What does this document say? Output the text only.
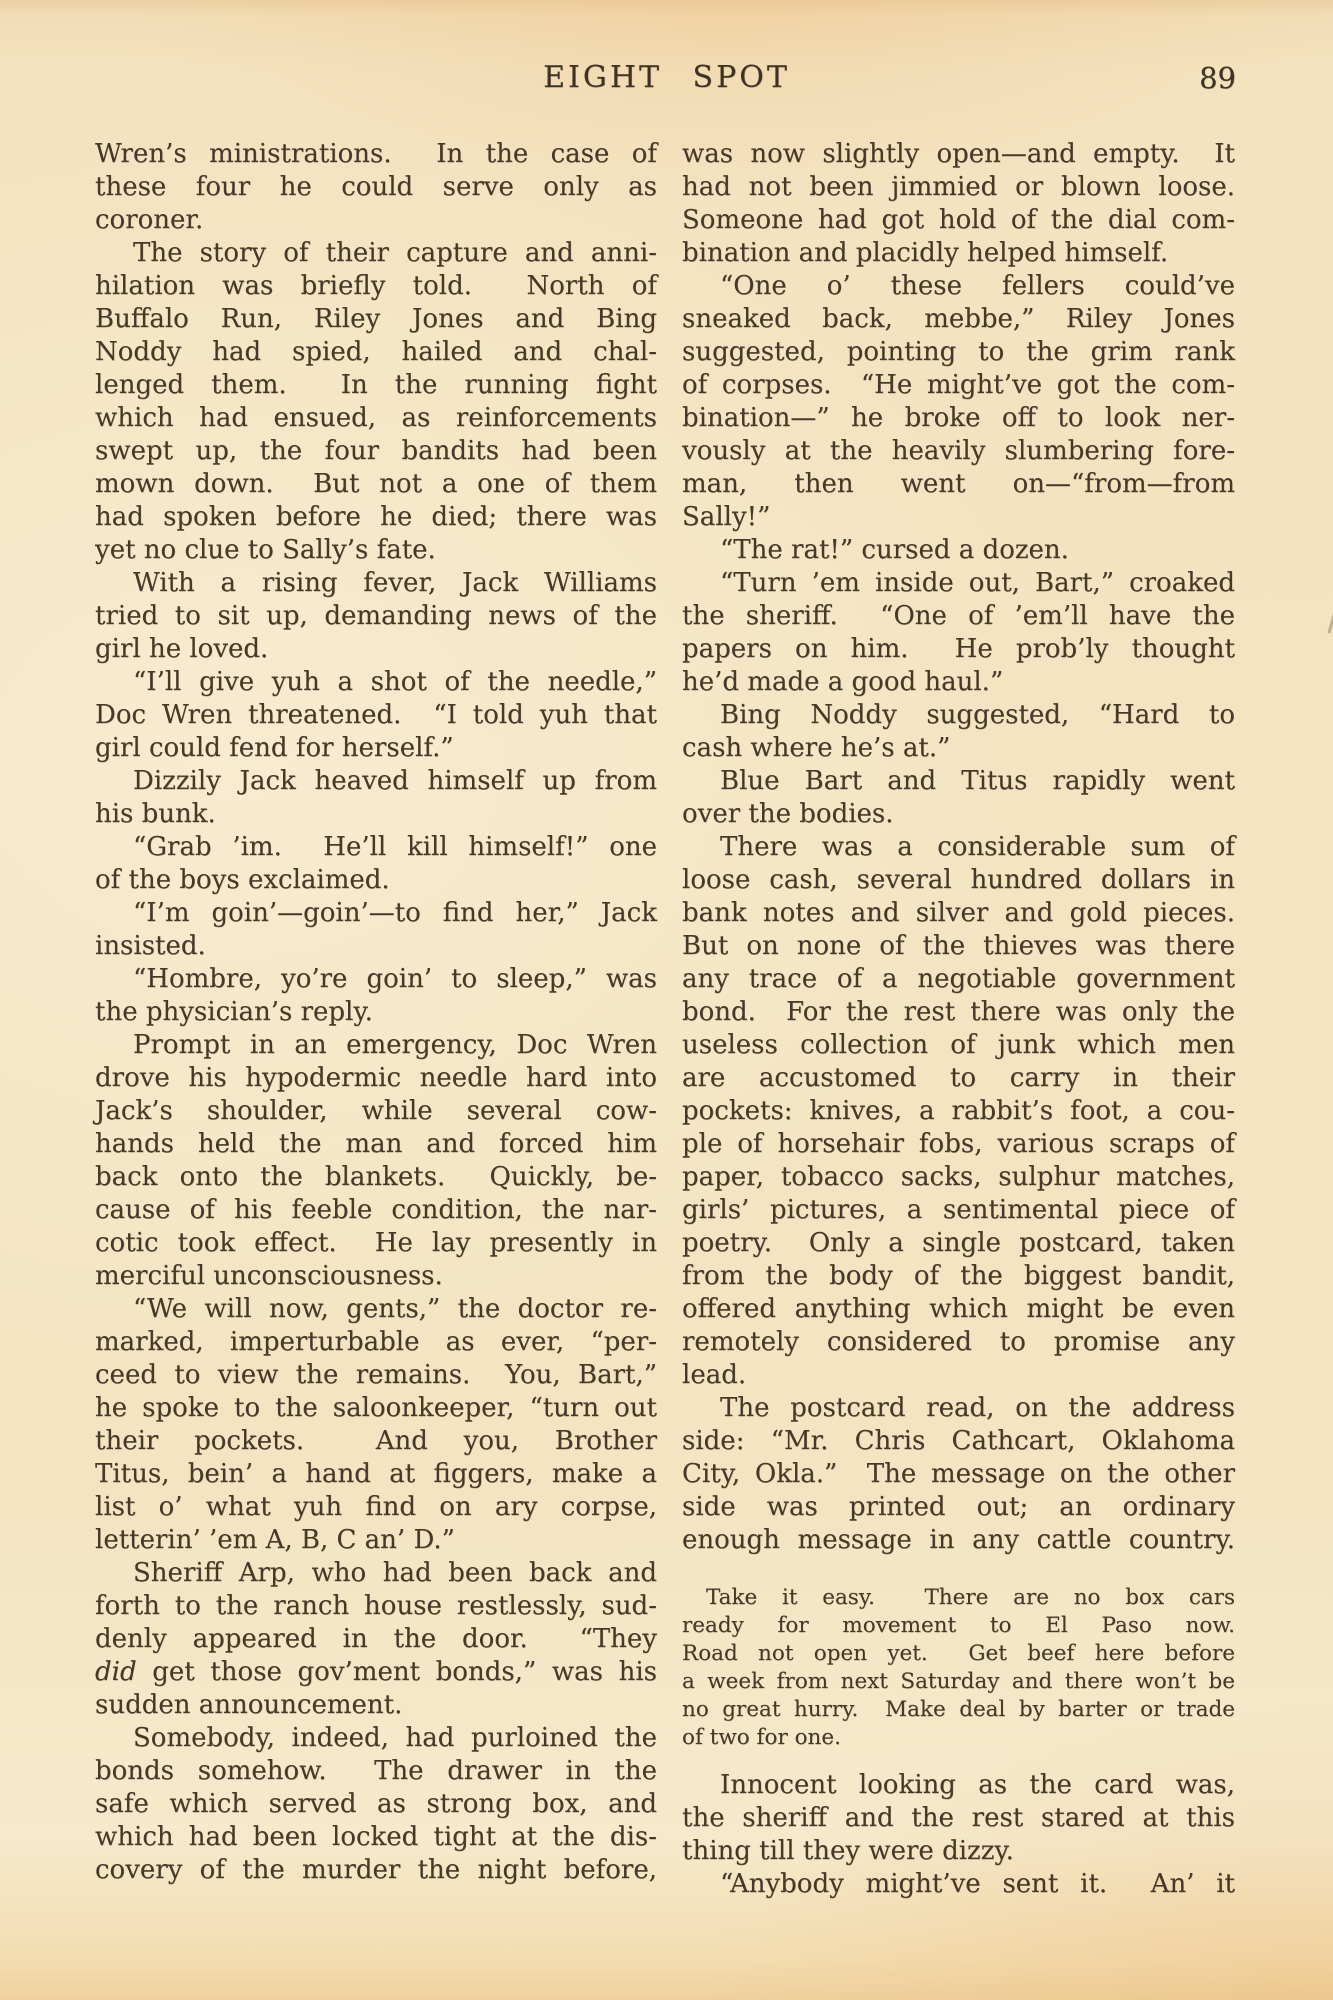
EIGHT SPOT	89
Wren’s ministrations.  In the case of
these four he could serve only as
coroner.
The story of their capture and anni-
hilation was briefly told.  North of
Buffalo Run, Riley Jones and Bing
Noddy had spied, hailed and chal-
lenged them.  In the running fight
which had ensued, as reinforcements
swept up, the four bandits had been
mown down.  But not a one of them
had spoken before he died; there was
yet no clue to Sally’s fate.
With a rising fever, Jack Williams
tried to sit up, demanding news of the
girl he loved.
“I’ll give yuh a shot of the needle,”
Doc Wren threatened.  “I told yuh that
girl could fend for herself.”
Dizzily Jack heaved himself up from
his bunk.
“Grab ’im.  He’ll kill himself!” one
of the boys exclaimed.
“I’m goin’—goin’—to find her,” Jack
insisted.
“Hombre, yo’re goin’ to sleep,” was
the physician’s reply.
Prompt in an emergency, Doc Wren
drove his hypodermic needle hard into
Jack’s shoulder, while several cow-
hands held the man and forced him
back onto the blankets.  Quickly, be-
cause of his feeble condition, the nar-
cotic took effect.  He lay presently in
merciful unconsciousness.
“We will now, gents,” the doctor re-
marked, imperturbable as ever, “per-
ceed to view the remains.  You, Bart,”
he spoke to the saloonkeeper, “turn out
their pockets.  And you, Brother
Titus, bein’ a hand at figgers, make a
list o’ what yuh find on ary corpse,
letterin’ ’em A, B, C an’ D.”
Sheriff Arp, who had been back and
forth to the ranch house restlessly, sud-
denly appeared in the door.  “They
did get those gov’ment bonds,” was his
sudden announcement.
Somebody, indeed, had purloined the
bonds somehow.  The drawer in the
safe which served as strong box, and
which had been locked tight at the dis-
covery of the murder the night before,
was now slightly open—and empty.  It
had not been jimmied or blown loose.
Someone had got hold of the dial com-
bination and placidly helped himself.
“One o’ these fellers could’ve
sneaked back, mebbe,” Riley Jones
suggested, pointing to the grim rank
of corpses.  “He might’ve got the com-
bination—” he broke off to look ner-
vously at the heavily slumbering fore-
man, then went on—“from—from
Sally!”
“The rat!” cursed a dozen.
“Turn ’em inside out, Bart,” croaked
the sheriff.  “One of ’em’ll have the
papers on him.  He prob’ly thought
he’d made a good haul.”
Bing Noddy suggested, “Hard to
cash where he’s at.”
Blue Bart and Titus rapidly went
over the bodies.
There was a considerable sum of
loose cash, several hundred dollars in
bank notes and silver and gold pieces.
But on none of the thieves was there
any trace of a negotiable government
bond.  For the rest there was only the
useless collection of junk which men
are accustomed to carry in their
pockets: knives, a rabbit’s foot, a cou-
ple of horsehair fobs, various scraps of
paper, tobacco sacks, sulphur matches,
girls’ pictures, a sentimental piece of
poetry.  Only a single postcard, taken
from the body of the biggest bandit,
offered anything which might be even
remotely considered to promise any
lead.
The postcard read, on the address
side: “Mr. Chris Cathcart, Oklahoma
City, Okla.”  The message on the other
side was printed out; an ordinary
enough message in any cattle country.
Take it easy.  There are no box cars
ready for movement to El Paso now.
Road not open yet.  Get beef here before
a week from next Saturday and there won’t be
no great hurry.  Make deal by barter or trade
of two for one.
Innocent looking as the card was,
the sheriff and the rest stared at this
thing till they were dizzy.
“Anybody might’ve sent it.  An’ it
